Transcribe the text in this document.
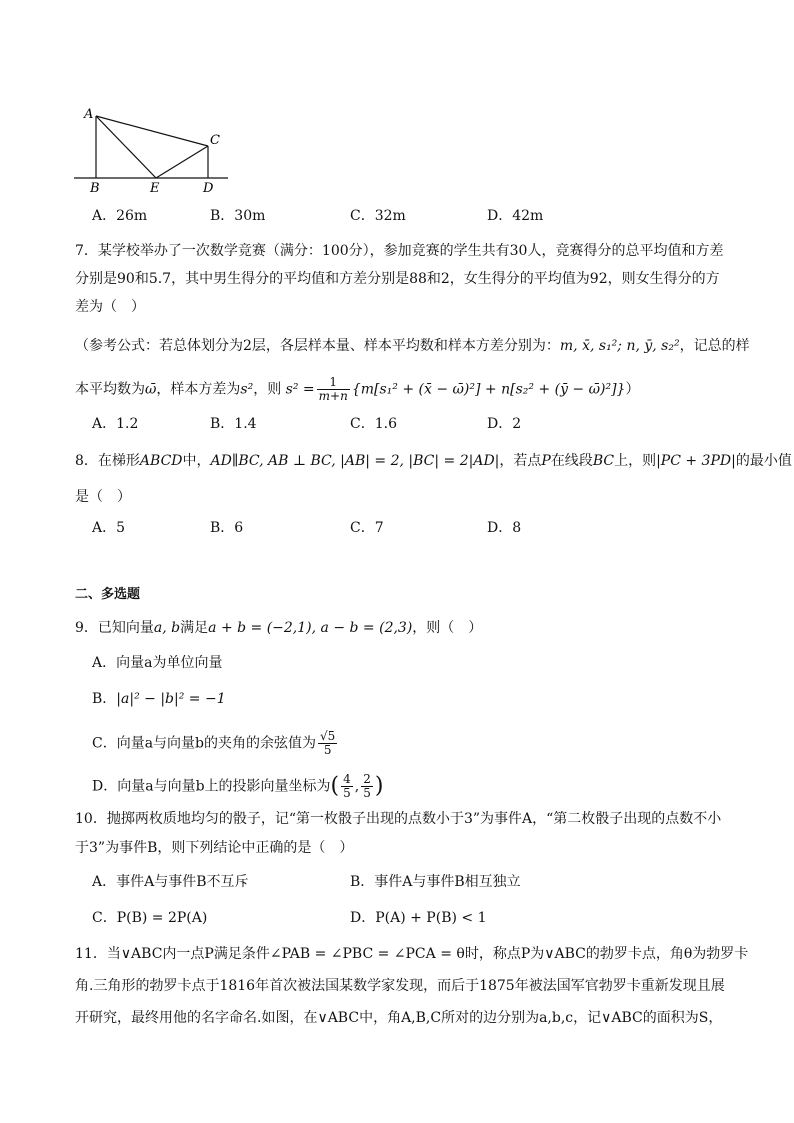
A
B
C
D
E
A．26m	B．30m	C．32m	D．42m
7．某学校举办了一次数学竞赛（满分：100分），参加竞赛的学生共有30人，竞赛得分的总平均值和方差
分别是90和5.7，其中男生得分的平均值和方差分别是88和2，女生得分的平均值为92，则女生得分的方
差为（　）
（参考公式：若总体划分为2层，各层样本量、样本平均数和样本方差分别为：m, x̄, s₁²; n, ȳ, s₂²，记总的样
本平均数为ω̄，样本方差为s²，则 $s^2 = \frac{1}{m+n} \{m[s_1^2$ + (x̄ − ω̄)²] + n[s₂² + (ȳ − ω̄)²]}）
A．1.2	B．1.4	C．1.6	D．2
8．在梯形ABCD中，AD∥BC, AB ⊥ BC, |AB| = 2, |BC| = 2|AD|，若点P在线段BC上，则|PC + 3PD|的最小值
是（　）
A．5	B．6	C．7	D．8
二、多选题
9．已知向量a, b满足a + b = (−2,1), a − b = (2,3)，则（　）
A．向量a为单位向量
B．|a|² − |b|² = −1
C．向量a与向量b的夹角的余弦值为 $\frac{√5}{5}$
D．向量a与向量b上的投影向量坐标为( $\frac{4}{5}$ , $\frac{2}{5}$ )
10．抛掷两枚质地均匀的骰子，记“第一枚骰子出现的点数小于3”为事件A，“第二枚骰子出现的点数不小
于3”为事件B，则下列结论中正确的是（　）
A．事件A与事件B不互斥	B．事件A与事件B相互独立
C．P(B) = 2P(A)	D．P(A) + P(B) < 1
11．当∨ABC内一点P满足条件∠PAB = ∠PBC = ∠PCA = θ时，称点P为∨ABC的勃罗卡点，角θ为勃罗卡
角.三角形的勃罗卡点于1816年首次被法国某数学家发现，而后于1875年被法国军官勃罗卡重新发现且展
开研究，最终用他的名字命名.如图，在∨ABC中，角A,B,C所对的边分别为a,b,c，记∨ABC的面积为S，
